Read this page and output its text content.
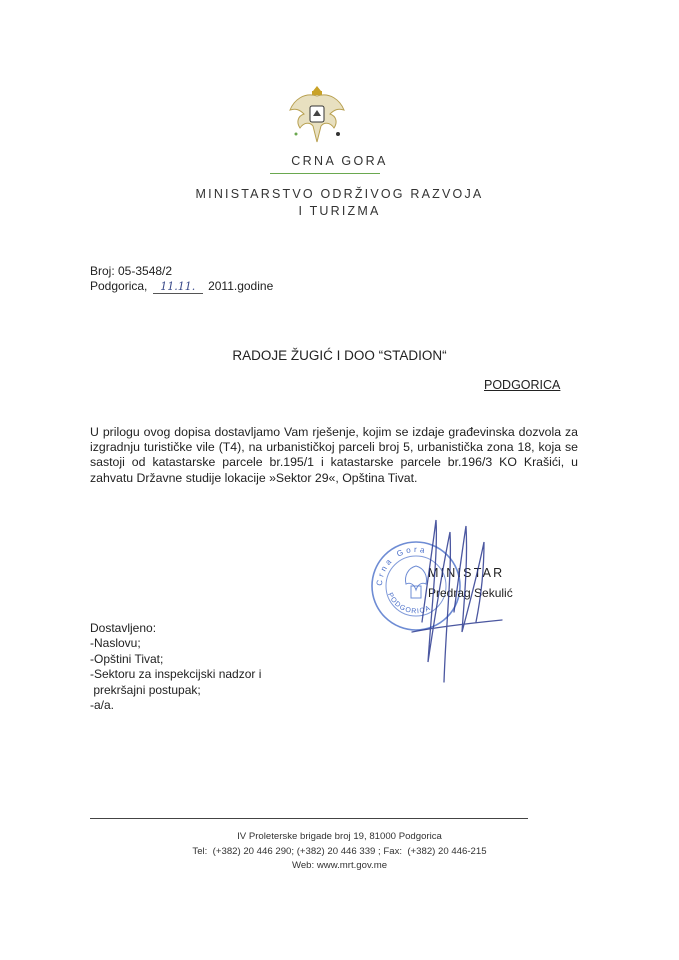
CRNA GORA
MINISTARSTVO ODRŽIVOG RAZVOJA
I TURIZMA
Broj: 05-3548/2
Podgorica, 11.11. 2011.godine
RADOJE ŽUGIĆ I DOO “STADION“
PODGORICA
U prilogu ovog dopisa dostavljamo Vam rješenje, kojim se izdaje građevinska dozvola za izgradnju turističke vile (T4), na urbanističkoj parceli broj 5, urbanistička zona 18, koja se sastoji od katastarske parcele br.195/1 i katastarske parcele br.196/3 KO Krašići, u zahvatu Državne studije lokacije »Sektor 29«, Opština Tivat.
Crna Gora
PODGORICA
MINISTAR
Predrag Sekulić
Dostavljeno:
-Naslovu;
-Opštini Tivat;
-Sektoru za inspekcijski nadzor i
prekršajni postupak;
-a/a.
IV Proleterske brigade broj 19, 81000 Podgorica
Tel:  (+382) 20 446 290; (+382) 20 446 339 ; Fax:  (+382) 20 446-215
Web: www.mrt.gov.me
